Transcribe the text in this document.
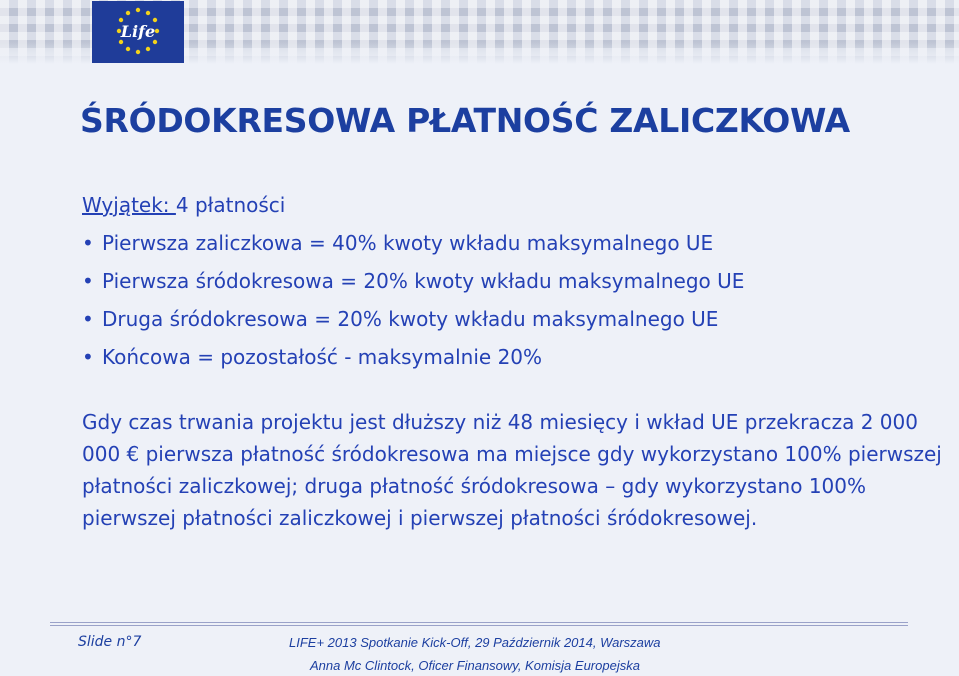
Life
ŚRÓDOKRESOWA PŁATNOŚĆ ZALICZKOWA
Wyjątek: 4 płatności
• Pierwsza zaliczkowa = 40% kwoty wkładu maksymalnego UE
• Pierwsza śródokresowa = 20% kwoty wkładu maksymalnego UE
• Druga śródokresowa = 20% kwoty wkładu maksymalnego UE
• Końcowa = pozostałość - maksymalnie 20%
Gdy czas trwania projektu jest dłuższy niż 48 miesięcy i wkład UE przekracza 2 000 000 € pierwsza płatność śródokresowa ma miejsce gdy wykorzystano 100% pierwszej płatności zaliczkowej; druga płatność śródokresowa – gdy wykorzystano 100% pierwszej płatności zaliczkowej i pierwszej płatności śródokresowej.
Slide n°7	LIFE+ 2013 Spotkanie Kick-Off, 29 Październik 2014, Warszawa
Anna Mc Clintock, Oficer Finansowy, Komisja Europejska
